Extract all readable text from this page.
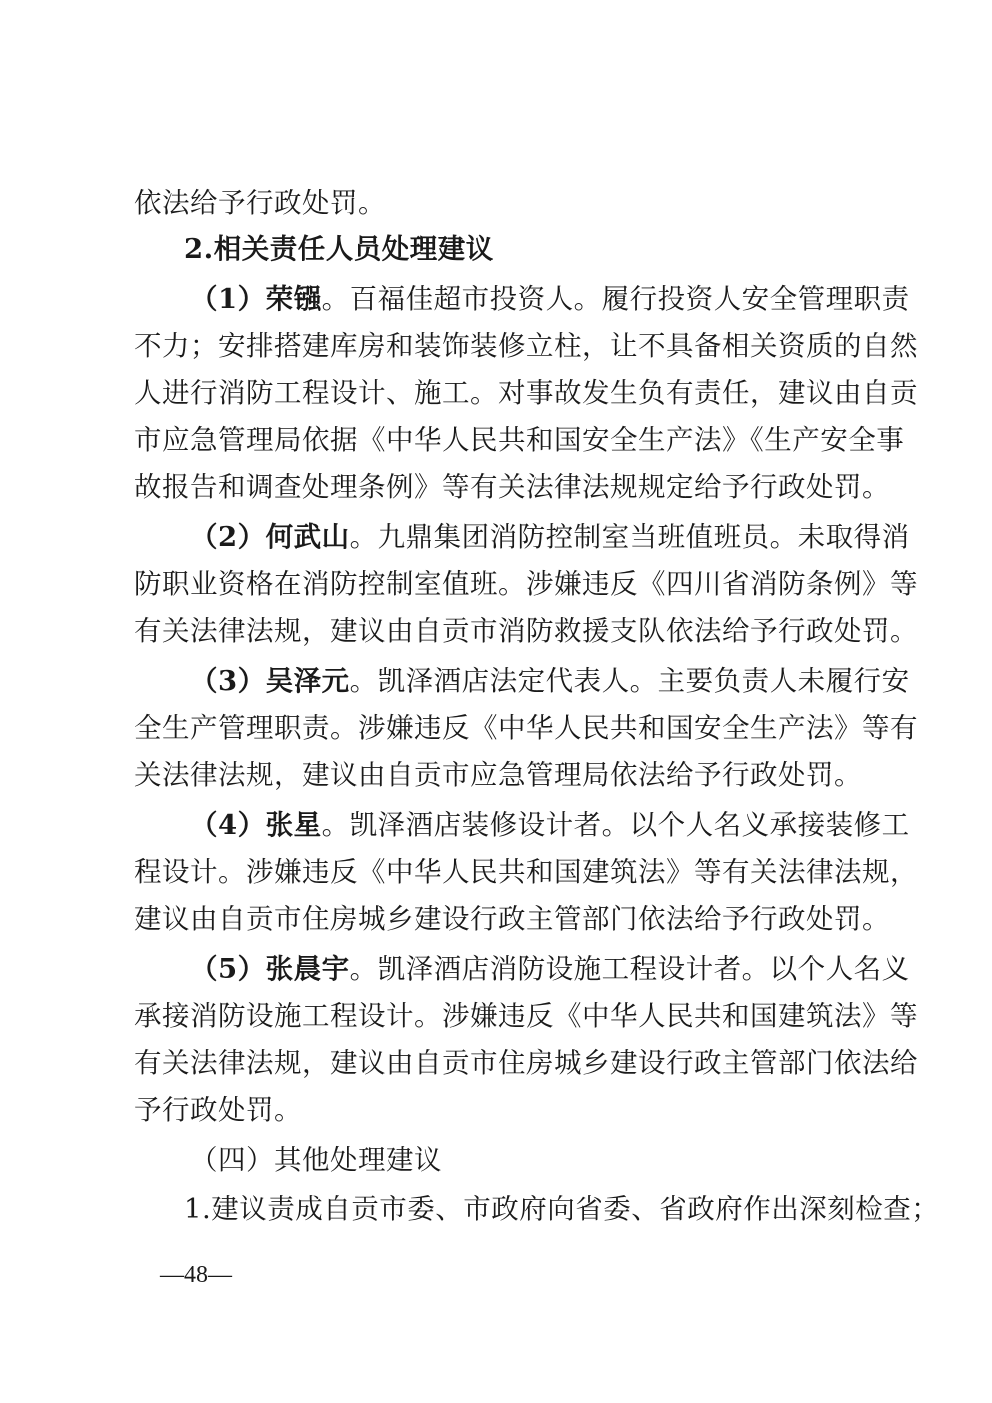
依法给予行政处罚。
2.相关责任人员处理建议
（1）荣镪。百福佳超市投资人。履行投资人安全管理职责
不力；安排搭建库房和装饰装修立柱，让不具备相关资质的自然
人进行消防工程设计、施工。对事故发生负有责任，建议由自贡
市应急管理局依据《中华人民共和国安全生产法》《生产安全事
故报告和调查处理条例》等有关法律法规规定给予行政处罚。
（2）何武山。九鼎集团消防控制室当班值班员。未取得消
防职业资格在消防控制室值班。涉嫌违反《四川省消防条例》等
有关法律法规，建议由自贡市消防救援支队依法给予行政处罚。
（3）吴泽元。凯泽酒店法定代表人。主要负责人未履行安
全生产管理职责。涉嫌违反《中华人民共和国安全生产法》等有
关法律法规，建议由自贡市应急管理局依法给予行政处罚。
（4）张星。凯泽酒店装修设计者。以个人名义承接装修工
程设计。涉嫌违反《中华人民共和国建筑法》等有关法律法规，
建议由自贡市住房城乡建设行政主管部门依法给予行政处罚。
（5）张晨宇。凯泽酒店消防设施工程设计者。以个人名义
承接消防设施工程设计。涉嫌违反《中华人民共和国建筑法》等
有关法律法规，建议由自贡市住房城乡建设行政主管部门依法给
予行政处罚。
（四）其他处理建议
1.建议责成自贡市委、市政府向省委、省政府作出深刻检查；
—48—
